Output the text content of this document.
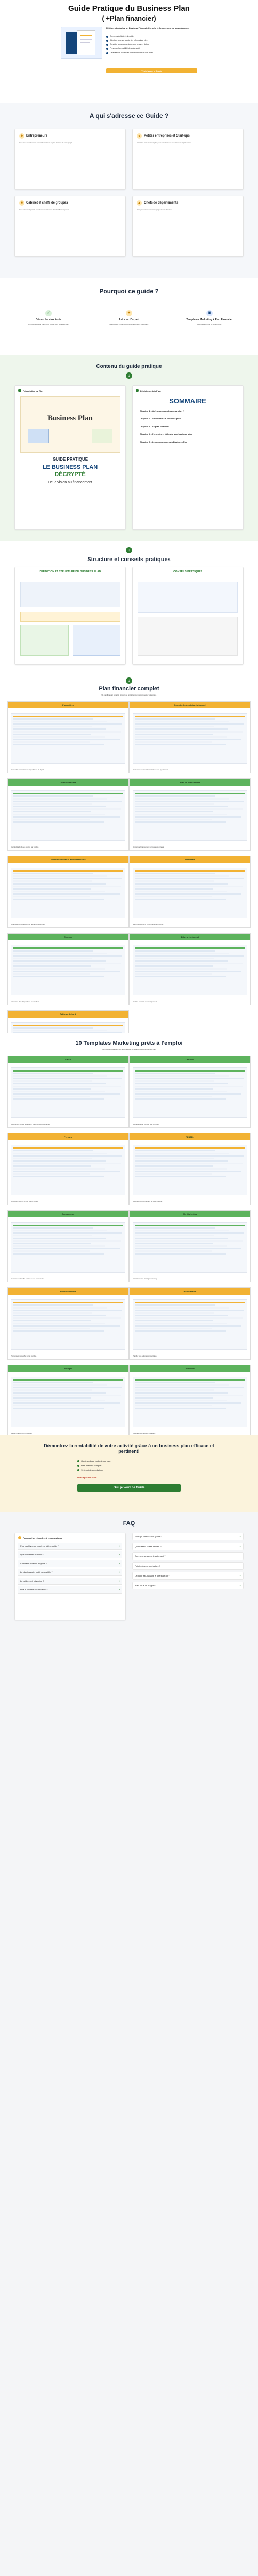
Guide Pratique du Business Plan
( +Plan financier)
Rédigez et calculez un Business Plan qui décroche le financement de vos créanciers
Comprendre l'intérêt du guide
Attention à ne pas oublier les informations clés
Conduire son argumentaire sans jargon ni détour
Présenter la rentabilité de votre projet
Détaillez vos besoins et évaluez l'impact de vos choix
Télécharger le Guide
A qui s'adresse ce Guide ?
☻ Entrepreneurs
Vous avez une idée mais pensez à construire le plan financier de votre projet.
➤	Petites entreprises et Start-ups
Structurer votre business plan pour convaincre vos investisseurs et partenaires.
■	Cabinet et chefs de groupes
Vous intervenez pour le compte de vos clients et devez chiffrer un projet.
▲	Chefs de départements
Vous présentez un nouveau projet à votre direction.
Pourquoi ce guide ?
✓
Démarche structurée
Un guide étape par étape pour rédiger votre business plan.
★
Astuces d'expert
Les conseils d'experts pour éviter les erreurs classiques.
▣
Templates Marketing + Plan Financier
Des modèles prêts à l'emploi inclus.
Contenu du guide pratique
↓
Présentation du Plan
Business Plan
GUIDE PRATIQUE
LE BUSINESS PLAN
DÉCRYPTÉ
De la vision au financement
Déploiement du Plan
SOMMAIRE
Chapitre 1 – Qu'est-ce qu'un business plan ?
Chapitre 2 – Structure d'un business plan
Chapitre 3 – Le plan financier
Chapitre 4 – Présenter et défendre son business plan
Chapitre 5 – Les composantes du Business Plan
↓
Structure et conseils pratiques
DÉFINITION ET STRUCTURE DU BUSINESS PLAN	CONSEILS PRATIQUES
↓
Plan financier complet
Un plan financier complet, structuré et prêt à l'emploi pour présenter votre projet.
Paramètres
Un modèle pour saisir vos hypothèses de départ.
Compte de résultat prévisionnel
Un compte de résultat construit sur vos hypothèses.
Chiffre d'affaires
Calcul détaillé de vos ventes par produit.
Plan de financement
Un plan de financement sur plusieurs années.
Investissements et amortissements
Détail des immobilisations et des amortissements.
Trésorerie
Suivi mensuel de la trésorerie de l'entreprise.
Charges
Estimation des charges fixes et variables.
Bilan prévisionnel
Un bilan construit automatiquement.
Tableau de bord
10 Templates Marketing prêts à l'emploi
Des modèles marketing pour accompagner la rédaction de votre business plan.
SWOT
Analyse des forces, faiblesses, opportunités et menaces.
Canevas
Business Model Canvas prêt à remplir.
Persona
Définissez le profil de vos clients cibles.
PESTEL
Analysez l'environnement de votre marché.
Concurrence
Comparez votre offre à celle de vos concurrents.
Mix Marketing
Structurez votre stratégie marketing.
Positionnement
Positionnez votre offre sur le marché.
Plan d'action
Planifiez vos actions commerciales.
Budget
Budget marketing prévisionnel.
Calendrier
Calendrier des actions marketing.
Démontrez la rentabilité de votre activité grâce à un business plan efficace et pertinent!
Guide pratique du business plan
Plan financier complet
10 templates marketing
Offre spéciale à 39€
Oui, je veux ce Guide
FAQ
Pourquoi les répondrez à vos questions
Pour quel type de projet est fait ce guide ?	+
Quel format est le fichier ?	+
Comment accéder au guide ?	+
Le plan financier est-il compatible ?	+
Le guide est-il mis à jour ?	+
Puis-je modifier les modèles ?	+
Pour qui s'adresse ce guide ?	+
Quelle est la durée d'accès ?	+
Comment se passe le paiement ?	+
Puis-je obtenir une facture ?	+
Le guide est-il adapté à une start-up ?	+
Avez-vous un support ?	+
